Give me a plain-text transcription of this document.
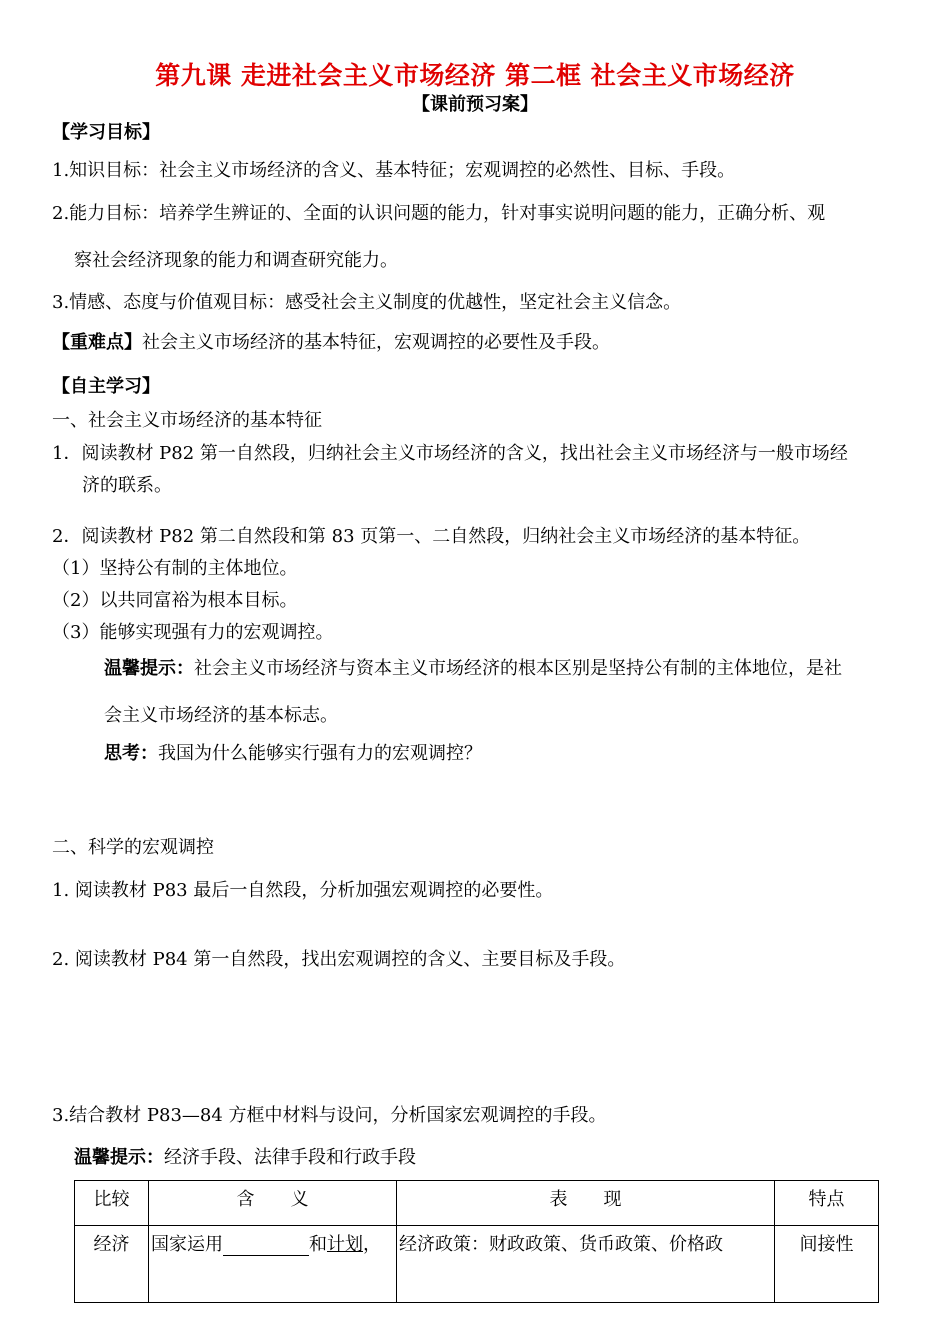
第九课 走进社会主义市场经济 第二框 社会主义市场经济
【课前预习案】
【学习目标】
1.知识目标：社会主义市场经济的含义、基本特征；宏观调控的必然性、目标、手段。
2.能力目标：培养学生辨证的、全面的认识问题的能力，针对事实说明问题的能力，正确分析、观
察社会经济现象的能力和调查研究能力。
3.情感、态度与价值观目标：感受社会主义制度的优越性，坚定社会主义信念。
【重难点】社会主义市场经济的基本特征，宏观调控的必要性及手段。
【自主学习】
一、社会主义市场经济的基本特征
1．阅读教材 P82 第一自然段，归纳社会主义市场经济的含义，找出社会主义市场经济与一般市场经
济的联系。
2．阅读教材 P82 第二自然段和第 83 页第一、二自然段，归纳社会主义市场经济的基本特征。
（1）坚持公有制的主体地位。
（2）以共同富裕为根本目标。
（3）能够实现强有力的宏观调控。
温馨提示：社会主义市场经济与资本主义市场经济的根本区别是坚持公有制的主体地位，是社
会主义市场经济的基本标志。
思考：我国为什么能够实行强有力的宏观调控？
二、科学的宏观调控
1. 阅读教材 P83 最后一自然段，分析加强宏观调控的必要性。
2. 阅读教材 P84 第一自然段，找出宏观调控的含义、主要目标及手段。
3.结合教材 P83—84 方框中材料与设问，分析国家宏观调控的手段。
温馨提示：经济手段、法律手段和行政手段
比较	含　　义	表　　现	特点
经济	国家运用 和计划，	经济政策：财政政策、货币政策、价格政	间接性
